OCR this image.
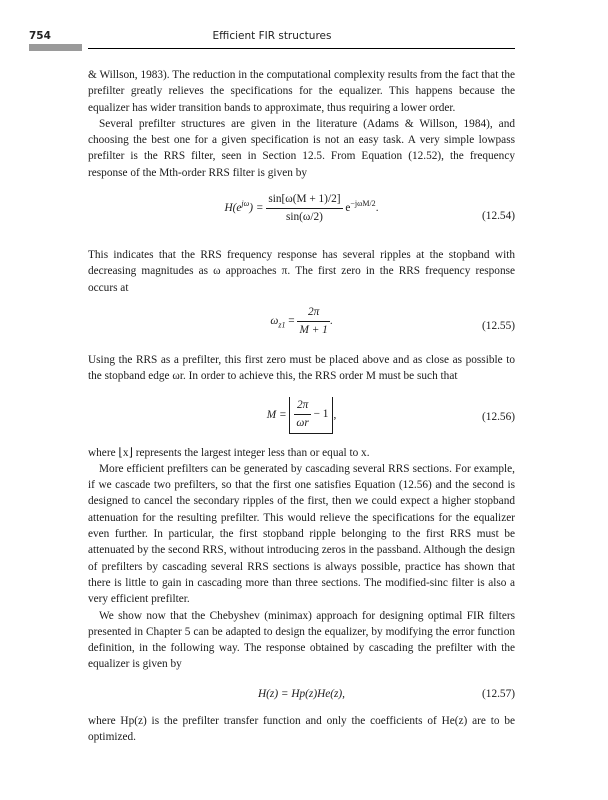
754	Efficient FIR structures

& Willson, 1983). The reduction in the computational complexity results from the fact that the prefilter greatly relieves the specifications for the equalizer. This happens because the equalizer has wider transition bands to approximate, thus requiring a lower order.

Several prefilter structures are given in the literature (Adams & Willson, 1984), and choosing the best one for a given specification is not an easy task. A very simple lowpass prefilter is the RRS filter, seen in Section 12.5. From Equation (12.52), the frequency response of the Mth-order RRS filter is given by

$H(e^{j\omega}) = \frac{\sin[\omega(M + 1)/2]}{\sin(\omega/2)} e^{-j\omega M/2}$.
(12.54)

This indicates that the RRS frequency response has several ripples at the stopband with decreasing magnitudes as ω approaches π. The first zero in the RRS frequency response occurs at

$\omega_{z1} = \frac{2\pi}{M + 1}$ .	(12.55)

Using the RRS as a prefilter, this first zero must be placed above and as close as possible to the stopband edge ωr. In order to achieve this, the RRS order M must be such that

$M = \frac{2\pi}{\omega r} - 1$ ,	(12.56)

where ⌊x⌋ represents the largest integer less than or equal to x.

More efficient prefilters can be generated by cascading several RRS sections. For example, if we cascade two prefilters, so that the first one satisfies Equation (12.56) and the second is designed to cancel the secondary ripples of the first, then we could expect a higher stopband attenuation for the resulting prefilter. This would relieve the specifications for the equalizer even further. In particular, the first stopband ripple belonging to the first RRS must be attenuated by the second RRS, without introducing zeros in the passband. Although the design of prefilters by cascading several RRS sections is always possible, practice has shown that there is little to gain in cascading more than three sections. The modified-sinc filter is also a very efficient prefilter.

We show now that the Chebyshev (minimax) approach for designing optimal FIR filters presented in Chapter 5 can be adapted to design the equalizer, by modifying the error function definition, in the following way. The response obtained by cascading the prefilter with the equalizer is given by

H(z) = Hp(z)He(z),	(12.57)

where Hp(z) is the prefilter transfer function and only the coefficients of He(z) are to be optimized.
